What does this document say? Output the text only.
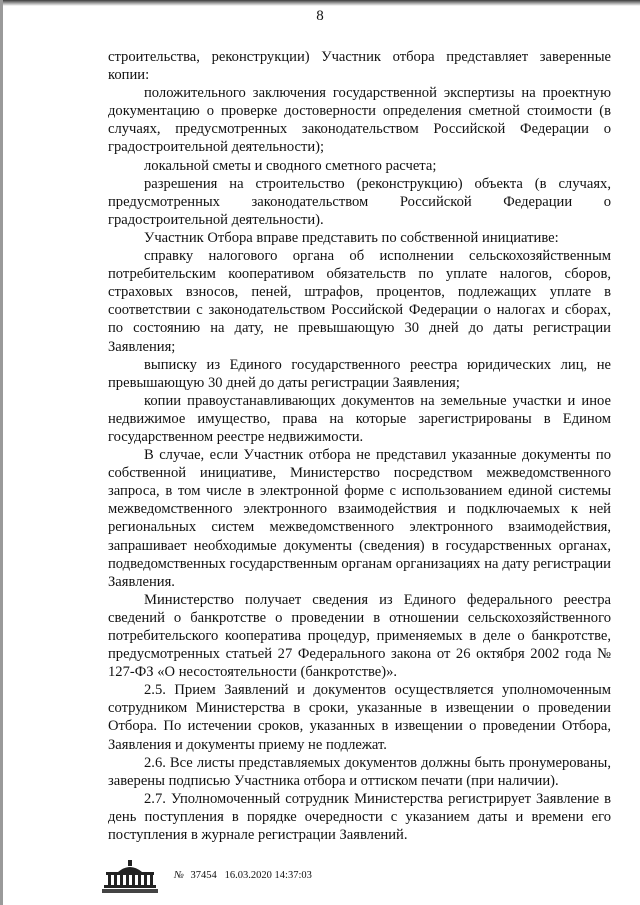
8

строительства, реконструкции) Участник отбора представляет заверенные копии:

положительного заключения государственной экспертизы на проектную документацию о проверке достоверности определения сметной стоимости (в случаях, предусмотренных законодательством Российской Федерации о градостроительной деятельности);

локальной сметы и сводного сметного расчета;

разрешения на строительство (реконструкцию) объекта (в случаях, предусмотренных законодательством Российской Федерации о градостроительной деятельности).

Участник Отбора вправе представить по собственной инициативе:

справку налогового органа об исполнении сельскохозяйственным потребительским кооперативом обязательств по уплате налогов, сборов, страховых взносов, пеней, штрафов, процентов, подлежащих уплате в соответствии с законодательством Российской Федерации о налогах и сборах, по состоянию на дату, не превышающую 30 дней до даты регистрации Заявления;

выписку из Единого государственного реестра юридических лиц, не превышающую 30 дней до даты регистрации Заявления;

копии правоустанавливающих документов на земельные участки и иное недвижимое имущество, права на которые зарегистрированы в Едином государственном реестре недвижимости.

В случае, если Участник отбора не представил указанные документы по собственной инициативе, Министерство посредством межведомственного запроса, в том числе в электронной форме с использованием единой системы межведомственного электронного взаимодействия и подключаемых к ней региональных систем межведомственного электронного взаимодействия, запрашивает необходимые документы (сведения) в государственных органах, подведомственных государственным органам организациях на дату регистрации Заявления.

Министерство получает сведения из Единого федерального реестра сведений о банкротстве о проведении в отношении сельскохозяйственного потребительского кооператива процедур, применяемых в деле о банкротстве, предусмотренных статьей 27 Федерального закона от 26 октября 2002 года № 127-ФЗ «О несостоятельности (банкротстве)».

2.5. Прием Заявлений и документов осуществляется уполномоченным сотрудником Министерства в сроки, указанные в извещении о проведении Отбора. По истечении сроков, указанных в извещении о проведении Отбора, Заявления и документы приему не подлежат.

2.6. Все листы представляемых документов должны быть пронумерованы, заверены подписью Участника отбора и оттиском печати (при наличии).

2.7. Уполномоченный сотрудник Министерства регистрирует Заявление в день поступления в порядке очередности с указанием даты и времени его поступления в журнале регистрации Заявлений.

№ 37454 16.03.2020 14:37:03
